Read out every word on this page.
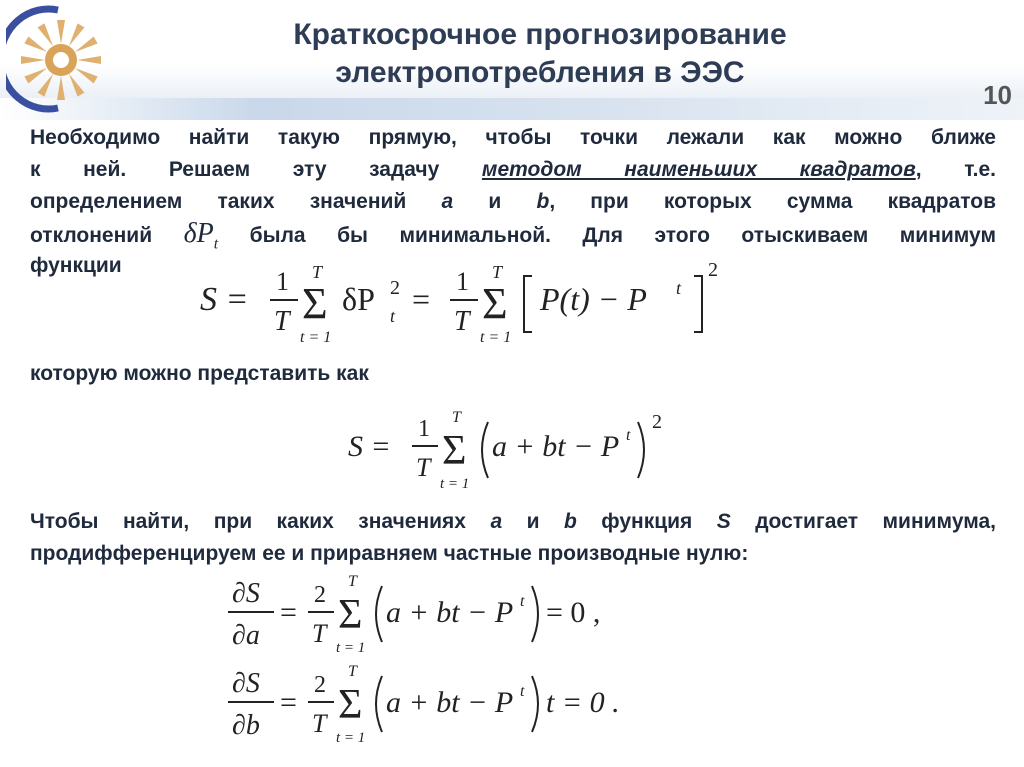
Краткосрочное прогнозирование
электропотребления в ЭЭС
10
Необходимо найти такую прямую, чтобы точки лежали как можно ближе
к ней. Решаем эту задачу методом наименьших квадратов, т.е.
определением таких значений a и b, при которых сумма квадратов
отклонений $\delta P_t$ была бы минимальной. Для этого отыскиваем минимум
функции
S = 1
T
T
Σ
t = 1
δP 2
t = 1
T
T
Σ
t = 1
P(t) − P t
2
которую можно представить как
S =
1
T
T
Σ
t = 1
a + bt − P t
2
Чтобы найти, при каких значениях a и b функция S достигает минимума,
продифференцируем ее и приравняем частные производные нулю:
∂S
∂a
=
2
T
T
Σ
t = 1
a + bt − P t = 0 ,
∂S
∂b
=
2
T
T
Σ
t = 1
a + bt − P t t = 0 .
